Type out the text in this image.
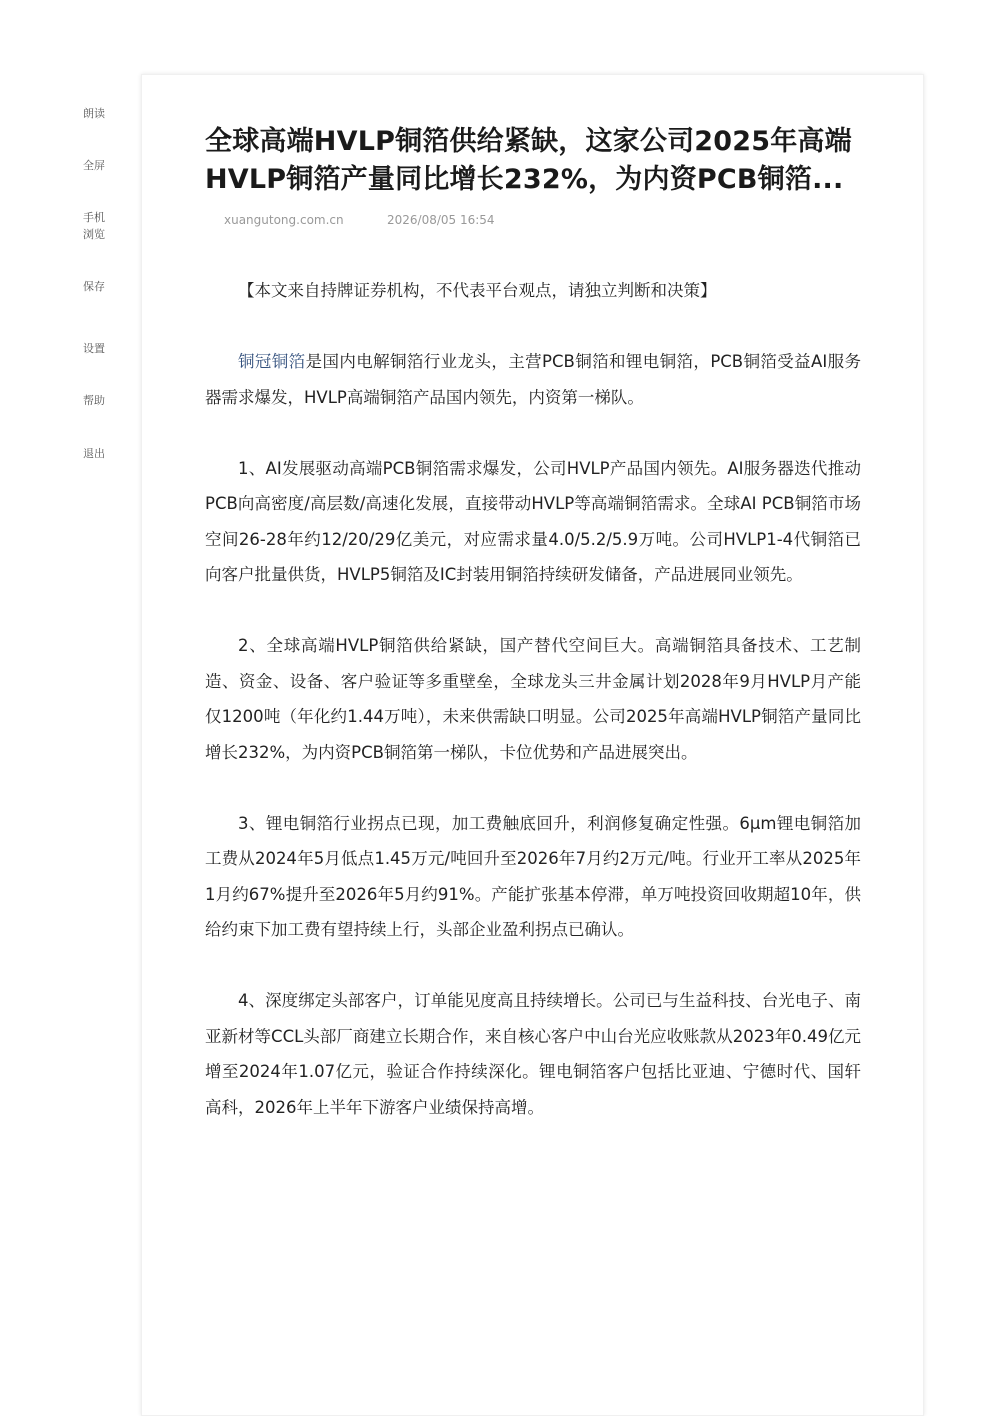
朗读
全屏
手机
浏览
保存
设置
帮助
退出
全球高端HVLP铜箔供给紧缺，这家公司2025年高端
HVLP铜箔产量同比增长232%，为内资PCB铜箔...
xuangutong.com.cn	2026/08/05 16:54

【本文来自持牌证券机构，不代表平台观点，请独立判断和决策】

铜冠铜箔是国内电解铜箔行业龙头，主营PCB铜箔和锂电铜箔，PCB铜箔受益AI服务器需求爆发，HVLP高端铜箔产品国内领先，内资第一梯队。

1、AI发展驱动高端PCB铜箔需求爆发，公司HVLP产品国内领先。AI服务器迭代推动PCB向高密度/高层数/高速化发展，直接带动HVLP等高端铜箔需求。全球AI PCB铜箔市场空间26-28年约12/20/29亿美元，对应需求量4.0/5.2/5.9万吨。公司HVLP1-4代铜箔已向客户批量供货，HVLP5铜箔及IC封装用铜箔持续研发储备，产品进展同业领先。

2、全球高端HVLP铜箔供给紧缺，国产替代空间巨大。高端铜箔具备技术、工艺制造、资金、设备、客户验证等多重壁垒，全球龙头三井金属计划2028年9月HVLP月产能仅1200吨（年化约1.44万吨），未来供需缺口明显。公司2025年高端HVLP铜箔产量同比增长232%，为内资PCB铜箔第一梯队，卡位优势和产品进展突出。

3、锂电铜箔行业拐点已现，加工费触底回升，利润修复确定性强。6μm锂电铜箔加工费从2024年5月低点1.45万元/吨回升至2026年7月约2万元/吨。行业开工率从2025年1月约67%提升至2026年5月约91%。产能扩张基本停滞，单万吨投资回收期超10年，供给约束下加工费有望持续上行，头部企业盈利拐点已确认。

4、深度绑定头部客户，订单能见度高且持续增长。公司已与生益科技、台光电子、南亚新材等CCL头部厂商建立长期合作，来自核心客户中山台光应收账款从2023年0.49亿元增至2024年1.07亿元，验证合作持续深化。锂电铜箔客户包括比亚迪、宁德时代、国轩高科，2026年上半年下游客户业绩保持高增。
